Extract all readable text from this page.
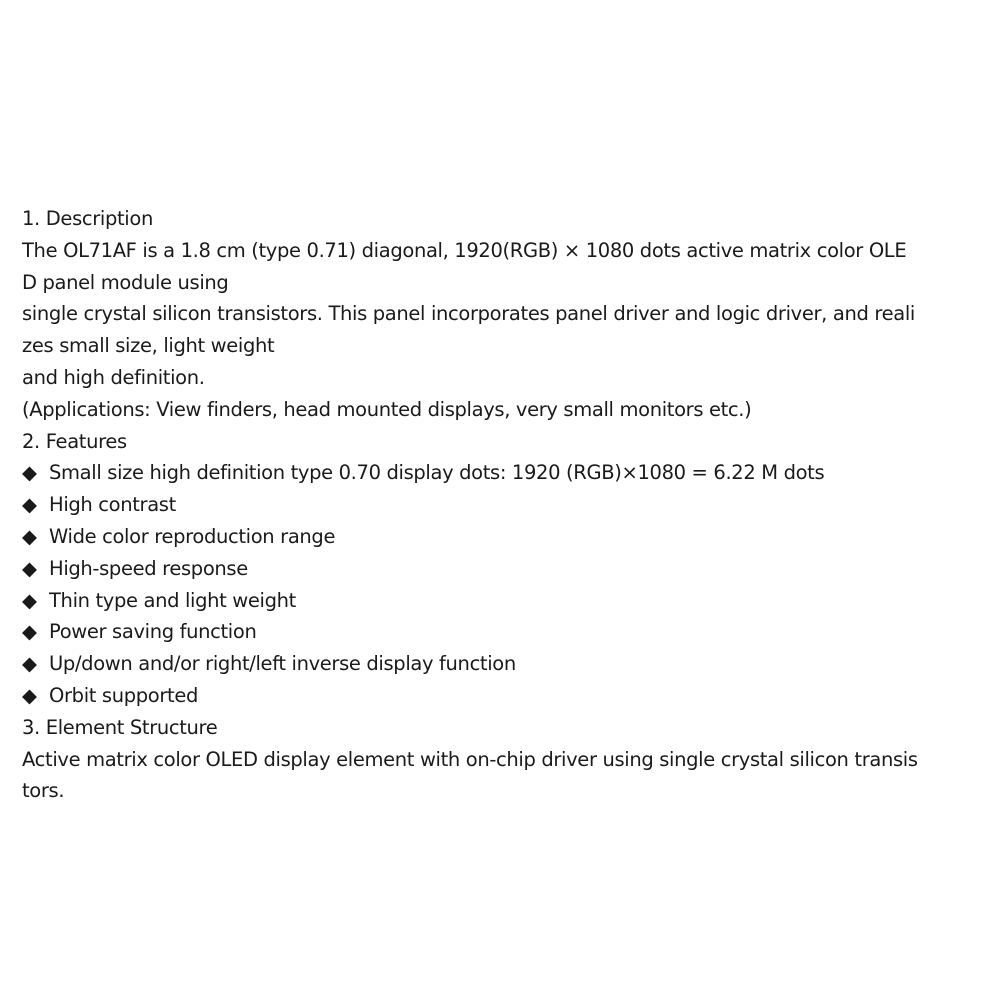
1. Description
The OL71AF is a 1.8 cm (type 0.71) diagonal, 1920(RGB) × 1080 dots active matrix color OLE
D panel module using
single crystal silicon transistors. This panel incorporates panel driver and logic driver, and reali
zes small size, light weight
and high definition.
(Applications: View finders, head mounted displays, very small monitors etc.)
2. Features
◆ Small size high definition type 0.70 display dots: 1920 (RGB)×1080 = 6.22 M dots
◆ High contrast
◆ Wide color reproduction range
◆ High-speed response
◆ Thin type and light weight
◆ Power saving function
◆ Up/down and/or right/left inverse display function
◆ Orbit supported
3. Element Structure
Active matrix color OLED display element with on-chip driver using single crystal silicon transis
tors.
